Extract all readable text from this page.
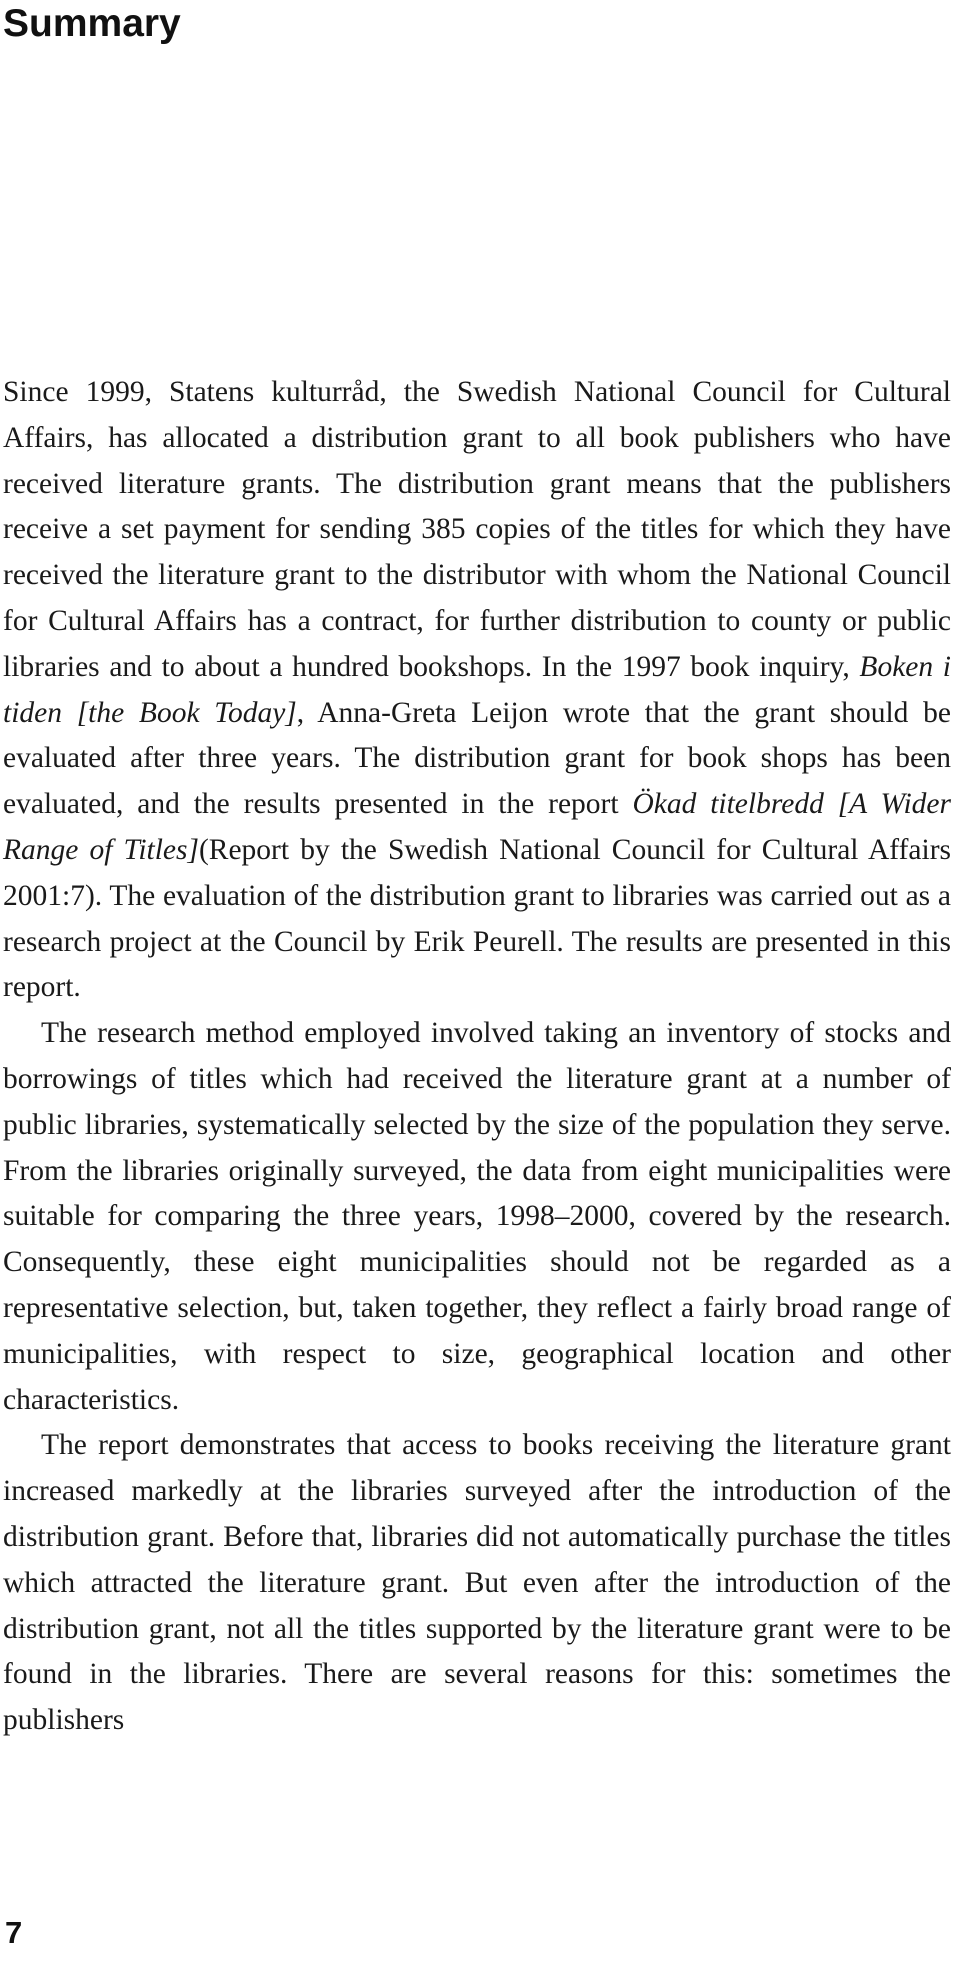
Summary

Since 1999, Statens kulturråd, the Swedish National Council for Cultural Affairs, has allocated a distribution grant to all book publishers who have received literature grants. The distribution grant means that the publishers receive a set payment for sending 385 copies of the titles for which they have received the literature grant to the distributor with whom the National Council for Cultural Affairs has a contract, for further distribution to county or public libraries and to about a hundred bookshops. In the 1997 book inquiry, Boken i tiden [the Book Today], Anna-Greta Leijon wrote that the grant should be evaluated after three years. The distribution grant for book shops has been evaluated, and the results presented in the report Ökad titelbredd [A Wider Range of Titles](Report by the Swedish National Council for Cultural Affairs 2001:7). The evaluation of the distribution grant to libraries was carried out as a research project at the Council by Erik Peurell. The results are presented in this report.

The research method employed involved taking an inventory of stocks and borrowings of titles which had received the literature grant at a number of public libraries, systematically selected by the size of the population they serve. From the libraries originally surveyed, the data from eight municipalities were suitable for comparing the three years, 1998–2000, covered by the research. Consequently, these eight municipalities should not be regarded as a representative selection, but, taken together, they reflect a fairly broad range of municipalities, with respect to size, geographical location and other characteristics.

The report demonstrates that access to books receiving the literature grant increased markedly at the libraries surveyed after the introduction of the distribution grant. Before that, libraries did not automatically purchase the titles which attracted the literature grant. But even after the introduction of the distribution grant, not all the titles supported by the literature grant were to be found in the libraries. There are several reasons for this: sometimes the publishers

7
